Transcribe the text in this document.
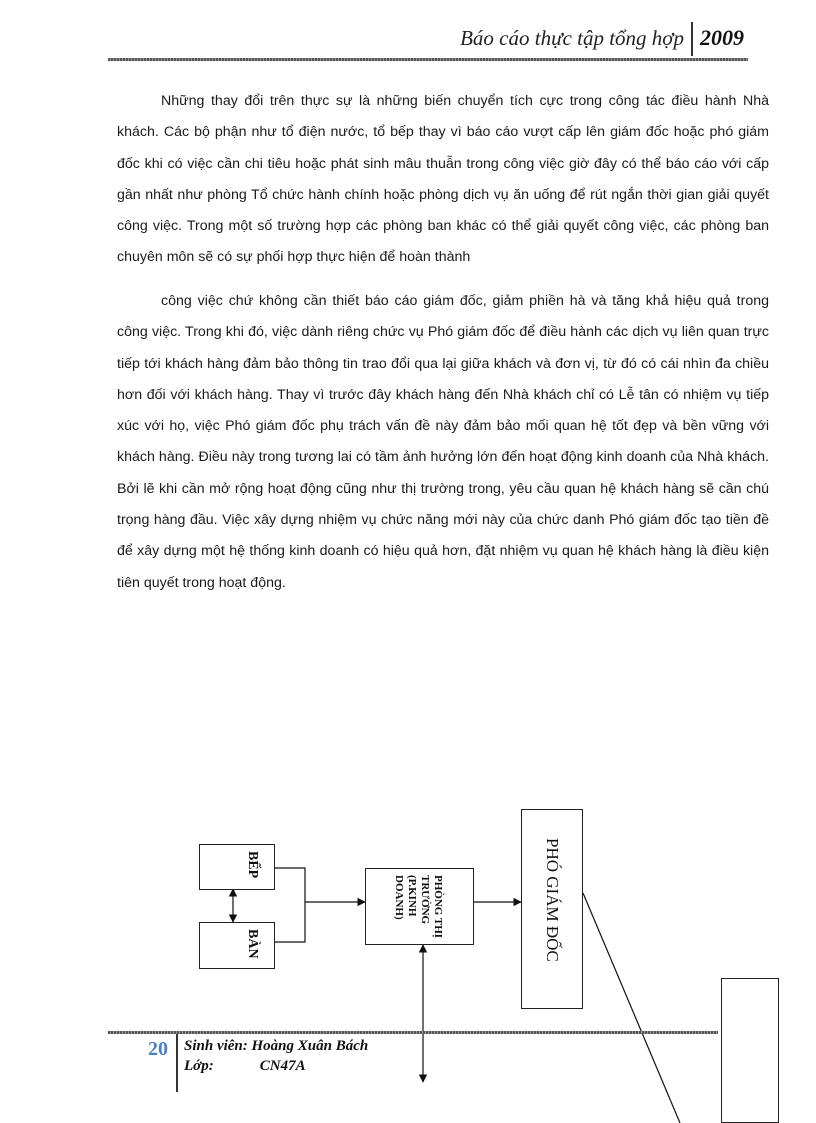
Báo cáo thực tập tổng hợp 2009

Những thay đổi trên thực sự là những biến chuyển tích cực trong công tác điều hành Nhà khách. Các bộ phận như tổ điện nước, tổ bếp thay vì báo cáo vượt cấp lên giám đốc hoặc phó giám đốc khi có việc cần chi tiêu hoặc phát sinh mâu thuẫn trong công việc giờ đây có thể báo cáo với cấp gần nhất như phòng Tổ chức hành chính hoặc phòng dịch vụ ăn uống để rút ngắn thời gian giải quyết công việc. Trong một số trường hợp các phòng ban khác có thể giải quyết công việc, các phòng ban chuyên môn sẽ có sự phối hợp thực hiện để hoàn thành

công việc chứ không cần thiết báo cáo giám đốc, giảm phiền hà và tăng khả hiệu quả trong công việc. Trong khi đó, việc dành riêng chức vụ Phó giám đốc để điều hành các dịch vụ liên quan trực tiếp tới khách hàng đảm bảo thông tin trao đổi qua lại giữa khách và đơn vị, từ đó có cái nhìn đa chiều hơn đối với khách hàng. Thay vì trước đây khách hàng đến Nhà khách chỉ có Lễ tân có nhiệm vụ tiếp xúc với họ, việc Phó giám đốc phụ trách vấn đề này đảm bảo mối quan hệ tốt đẹp và bền vững với khách hàng. Điều này trong tương lai có tầm ảnh hưởng lớn đến hoạt động kinh doanh của Nhà khách. Bởi lẽ khi cần mở rộng hoạt động cũng như thị trường trong, yêu cầu quan hệ khách hàng sẽ cần chú trọng hàng đầu. Việc xây dựng nhiệm vụ chức năng mới này của chức danh Phó giám đốc tạo tiền đề để xây dựng một hệ thống kinh doanh có hiệu quả hơn, đặt nhiệm vụ quan hệ khách hàng là điều kiện tiên quyết trong hoạt động.

BẾP
BÀN
PHÒNG THỊ TRƯỜNG (P.KINH DOANH)	PHÓ GIÁM ĐỐC
20 Sinh viên: Hoàng Xuân Bách
Lớp:	CN47A
